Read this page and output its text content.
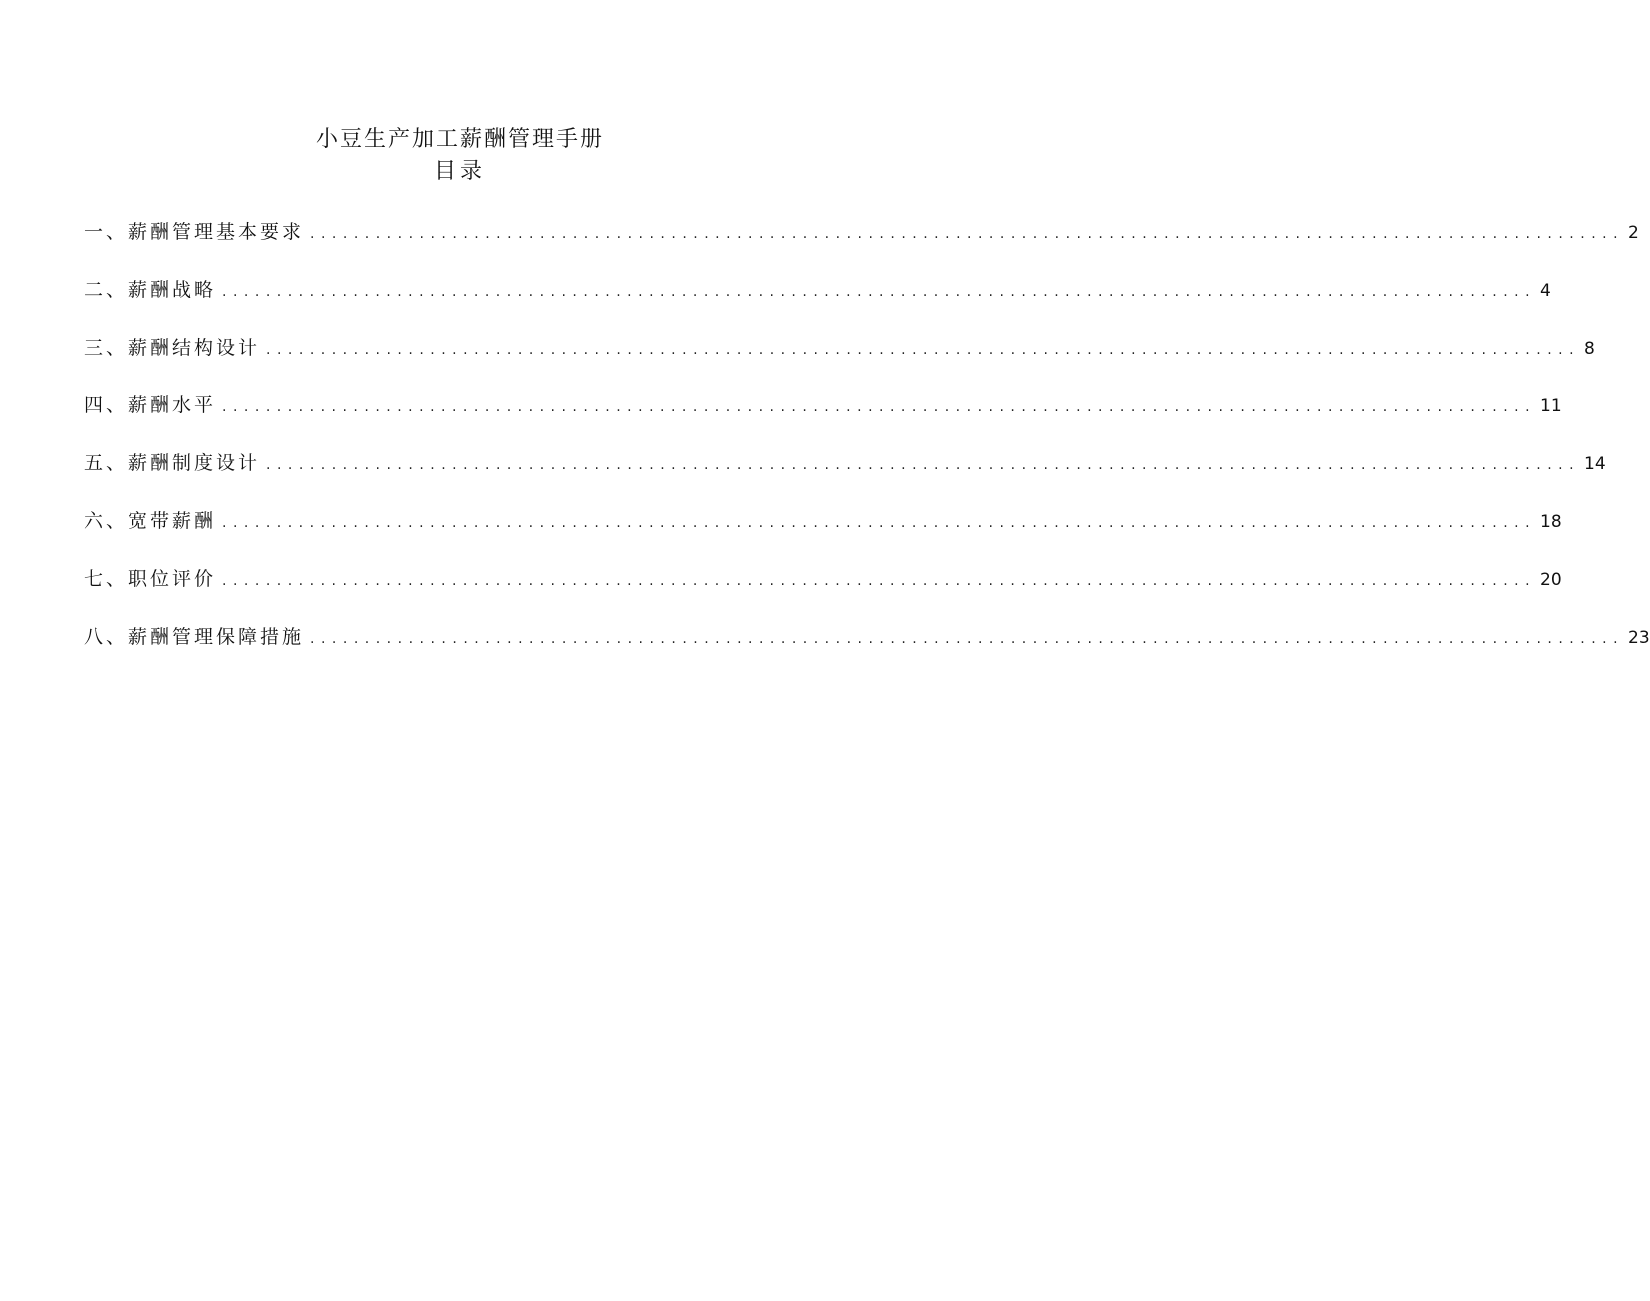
小豆生产加工薪酬管理手册
目录
一、薪酬管理基本要求 ........................................................................................................................ 2
二、薪酬战略 ........................................................................................................................ 4
三、薪酬结构设计 ........................................................................................................................ 8
四、薪酬水平 ........................................................................................................................ 11
五、薪酬制度设计 ........................................................................................................................ 14
六、宽带薪酬 ........................................................................................................................ 18
七、职位评价 ........................................................................................................................ 20
八、薪酬管理保障措施 ........................................................................................................................ 23
